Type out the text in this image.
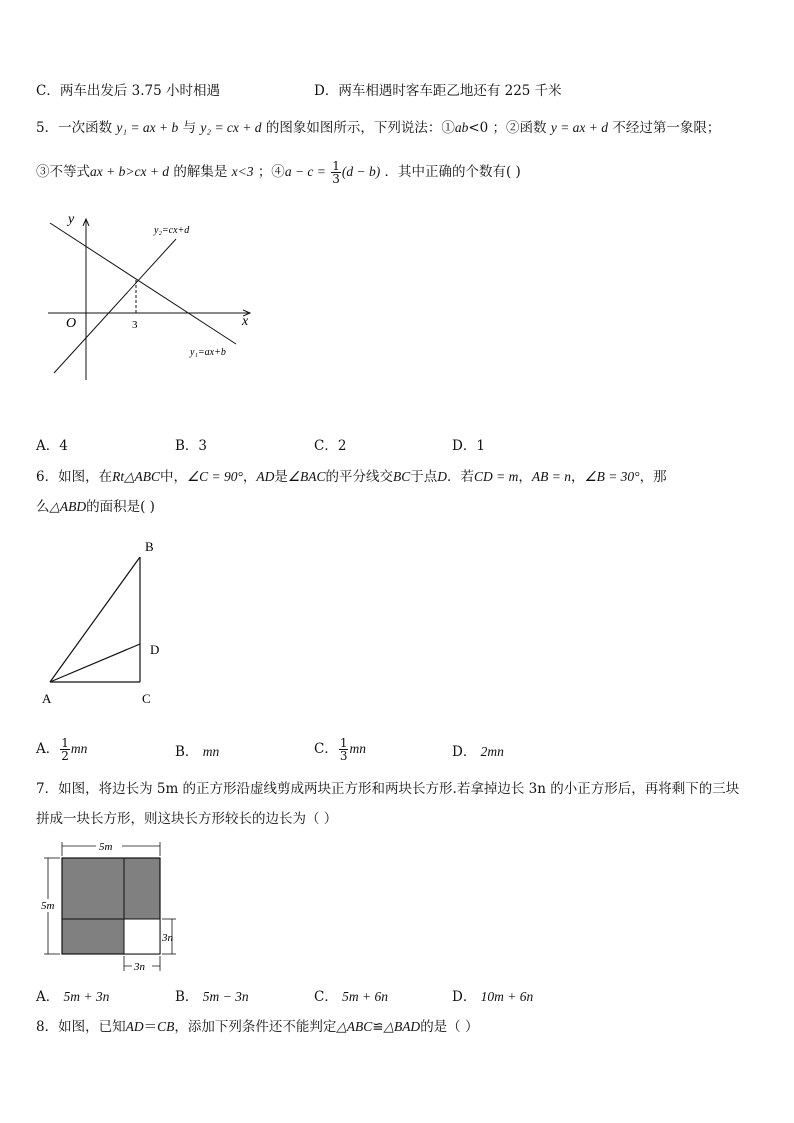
C．两车出发后 3.75 小时相遇	D．两车相遇时客车距乙地还有 225 千米
5．一次函数 y₁ = ax + b 与 y₂ = cx + d 的图象如图所示，下列说法：①ab<0 ；②函数 y = ax + d 不经过第一象限；
③不等式ax + b>cx + d 的解集是 x<3 ；④a − $c = \frac{1}{3} (d - b)$ ．其中正确的个数有( )
y
x
O	3
y₂=cx+d
y₁=ax+b
A．4	B．3	C．2	D．1
6．如图，在Rt△ABC中，∠C = 90°，AD是∠BAC的平分线交BC于点D．若CD = m，AB = n，∠B = 30°，那
么△ABD的面积是( )
B
D
A	C
A． $\frac{1}{2}$ mn	B． mn	C． $\frac{1}{3}$ mn	D． 2mn
7．如图，将边长为 5m 的正方形沿虚线剪成两块正方形和两块长方形.若拿掉边长 3n 的小正方形后，再将剩下的三块
拼成一块长方形，则这块长方形较长的边长为（ ）
5m
5m
3n
3n
A． 5m + 3n	B． 5m − 3n	C． 5m + 6n	D． 10m + 6n
8．如图，已知AD＝CB，添加下列条件还不能判定△ABC≌△BAD的是（ ）
